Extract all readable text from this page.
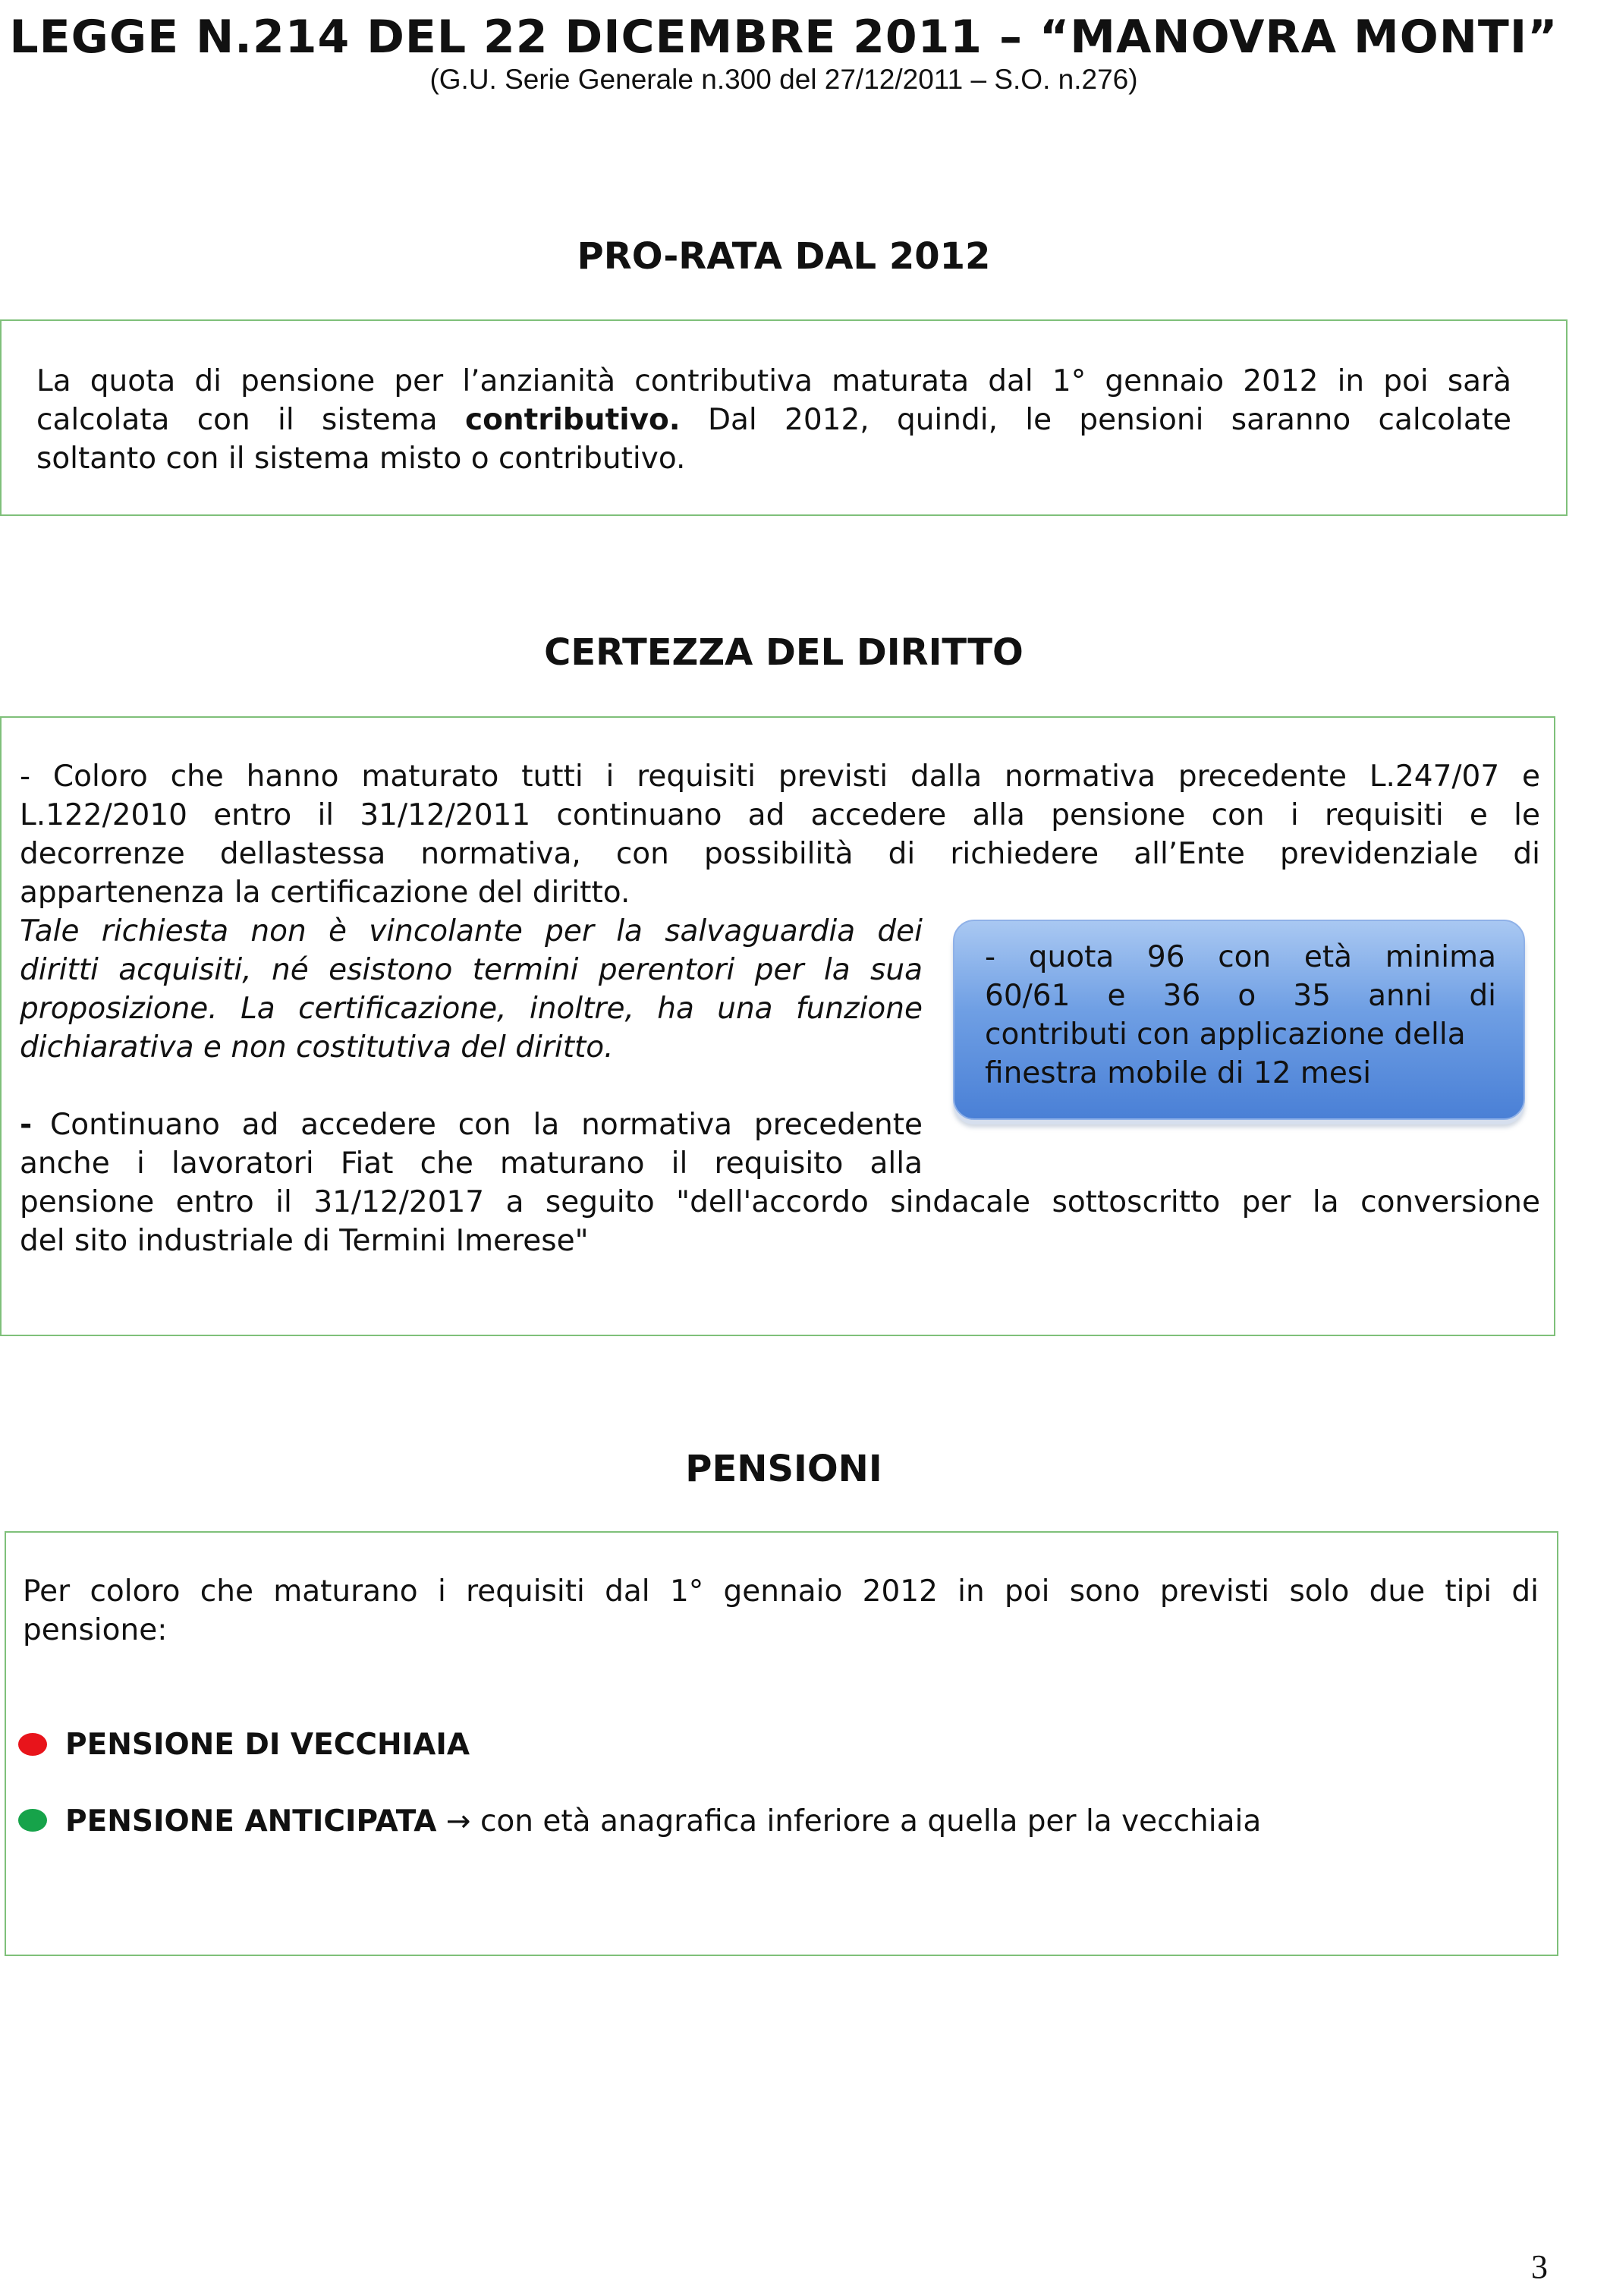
LEGGE N.214 DEL 22 DICEMBRE 2011 – “MANOVRA MONTI”
(G.U. Serie Generale n.300 del 27/12/2011 – S.O. n.276)
PRO-RATA DAL 2012
La quota di pensione per l’anzianità contributiva maturata dal 1° gennaio 2012 in poi sarà
calcolata con il sistema contributivo. Dal 2012, quindi, le pensioni saranno calcolate
soltanto con il sistema misto o contributivo.
CERTEZZA DEL DIRITTO
- Coloro che hanno maturato tutti i requisiti previsti dalla normativa precedente L.247/07 e
L.122/2010 entro il 31/12/2011 continuano ad accedere alla pensione con i requisiti e le
decorrenze dellastessa normativa, con possibilità di richiedere all’Ente previdenziale di
appartenenza la certificazione del diritto.
Tale richiesta non è vincolante per la salvaguardia dei
diritti acquisiti, né esistono termini perentori per la sua
proposizione. La certificazione, inoltre, ha una funzione
dichiarativa e non costitutiva del diritto.
- Continuano ad accedere con la normativa precedente
anche i lavoratori Fiat che maturano il requisito alla
pensione entro il 31/12/2017 a seguito "dell'accordo sindacale sottoscritto per la conversione
del sito industriale di Termini Imerese"
- quota 96 con età minima
60/61 e 36 o 35 anni di
contributi con applicazione della
finestra mobile di 12 mesi
PENSIONI
Per coloro che maturano i requisiti dal 1° gennaio 2012 in poi sono previsti solo due tipi di
pensione:
PENSIONE DI VECCHIAIA
PENSIONE ANTICIPATA → con età anagrafica inferiore a quella per la vecchiaia
3
